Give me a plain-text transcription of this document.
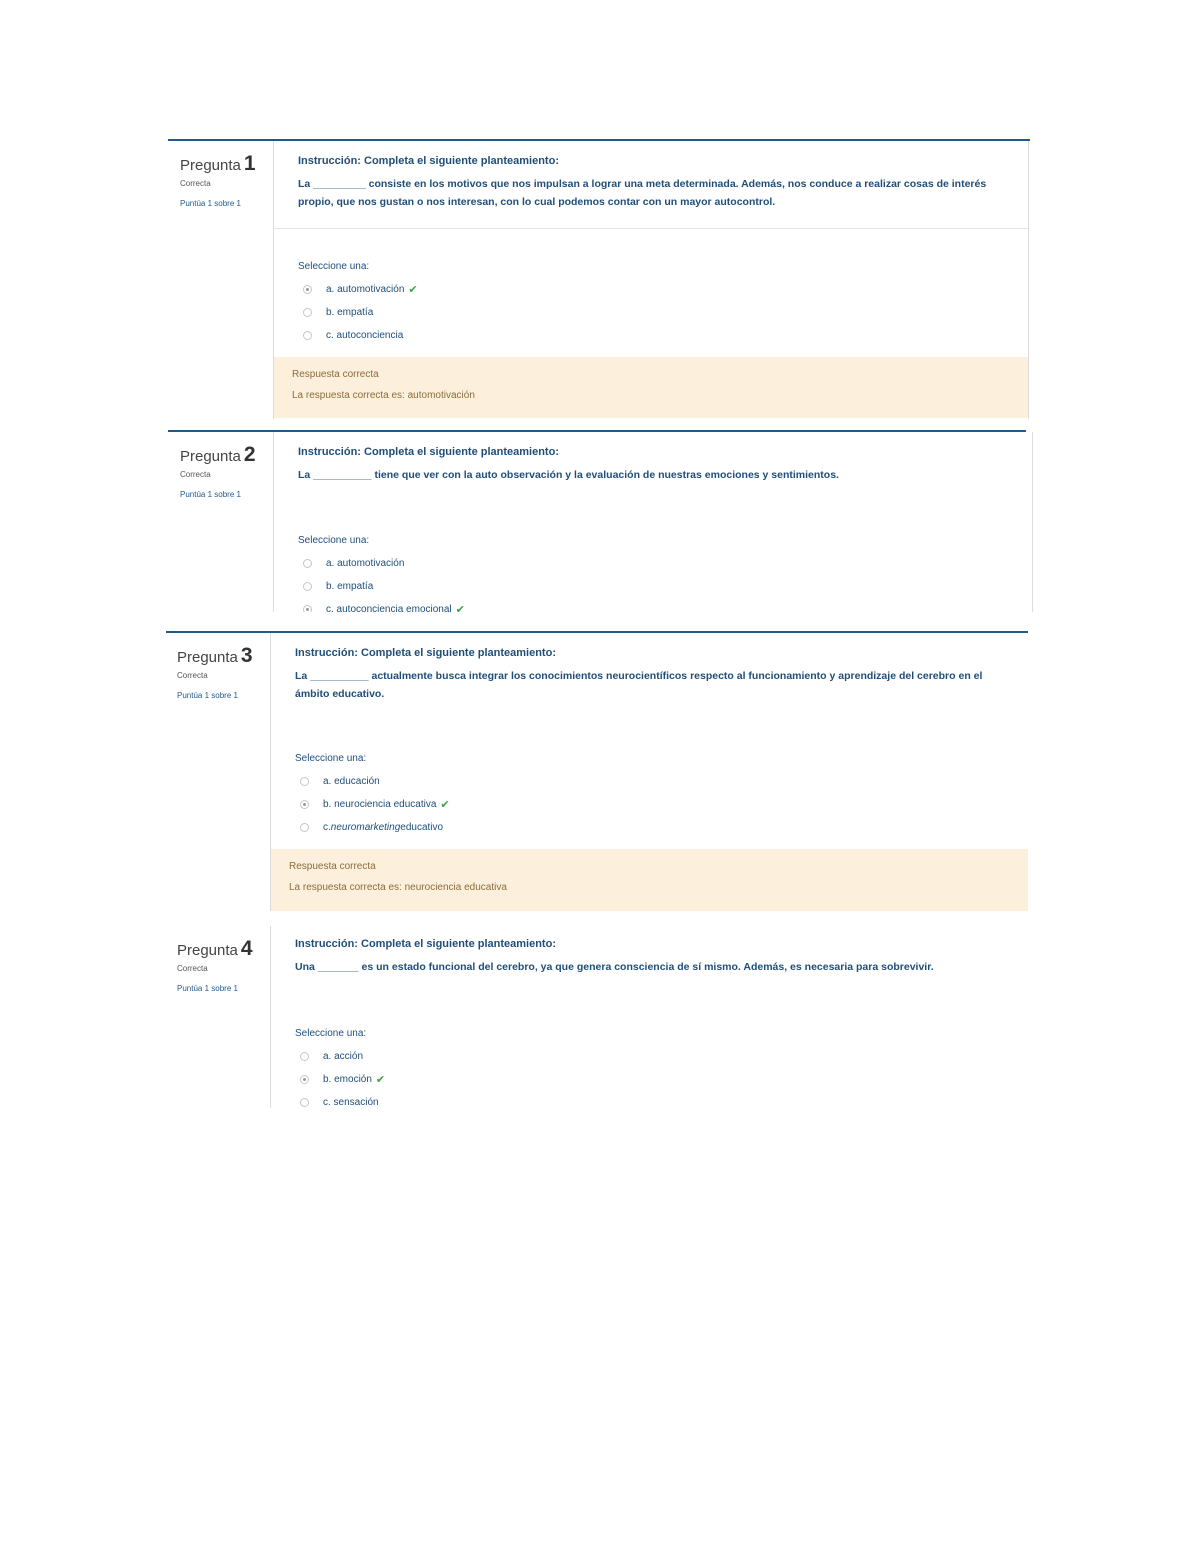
Pregunta 1
Correcta
Puntúa 1 sobre 1
Instrucción: Completa el siguiente planteamiento:
La _________ consiste en los motivos que nos impulsan a lograr una meta determinada. Además, nos conduce a realizar cosas de interés propio, que nos gustan o nos interesan, con lo cual podemos contar con un mayor autocontrol.
Seleccione una:
a. automotivación ✔
b. empatía
c. autoconciencia
Respuesta correcta
La respuesta correcta es: automotivación
Pregunta 2
Correcta
Puntúa 1 sobre 1
Instrucción: Completa el siguiente planteamiento:
La __________ tiene que ver con la auto observación y la evaluación de nuestras emociones y sentimientos.
Seleccione una:
a. automotivación
b. empatía
c. autoconciencia emocional ✔
Pregunta 3
Correcta
Puntúa 1 sobre 1
Instrucción: Completa el siguiente planteamiento:
La __________ actualmente busca integrar los conocimientos neurocientíficos respecto al funcionamiento y aprendizaje del cerebro en el ámbito educativo.
Seleccione una:
a. educación
b. neurociencia educativa ✔
c. neuromarketing educativo
Respuesta correcta
La respuesta correcta es: neurociencia educativa
Pregunta 4
Correcta
Puntúa 1 sobre 1
Instrucción: Completa el siguiente planteamiento:
Una _______ es un estado funcional del cerebro, ya que genera consciencia de sí mismo. Además, es necesaria para sobrevivir.
Seleccione una:
a. acción
b. emoción ✔
c. sensación
